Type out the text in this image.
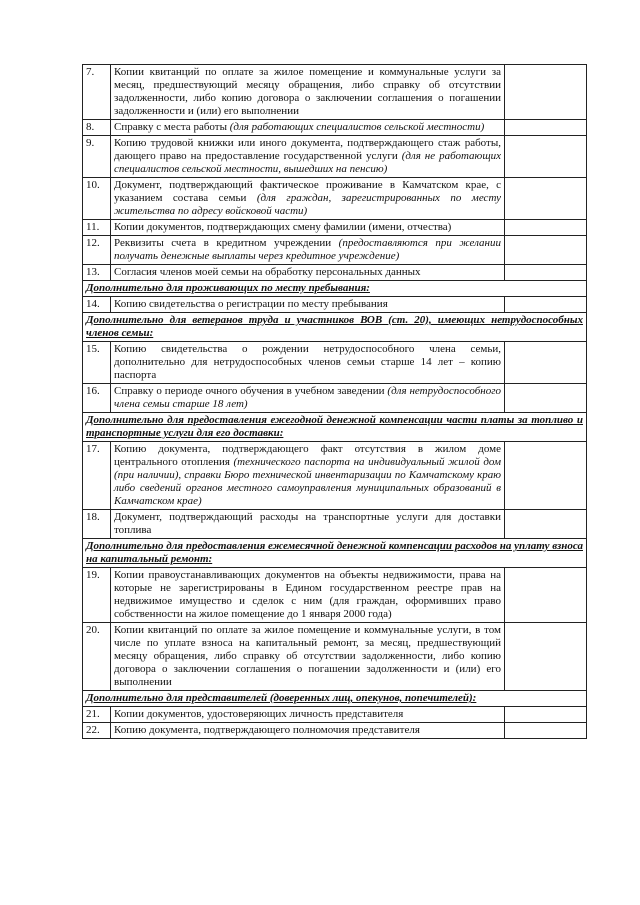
7.	Копии квитанций по оплате за жилое помещение и коммунальные услуги за месяц, предшествующий месяцу обращения, либо справку об отсутствии задолженности, либо копию договора о заключении соглашения о погашении задолженности и (или) его выполнении	
8.	Справку с места работы (для работающих специалистов сельской местности)	
9.	Копию трудовой книжки или иного документа, подтверждающего стаж работы, дающего право на предоставление государственной услуги (для не работающих специалистов сельской местности, вышедших на пенсию)	
10.	Документ, подтверждающий фактическое проживание в Камчатском крае, с указанием состава семьи (для граждан, зарегистрированных по месту жительства по адресу войсковой части)	
11.	Копии документов, подтверждающих смену фамилии (имени, отчества)	
12.	Реквизиты счета в кредитном учреждении (предоставляются при желании получать денежные выплаты через кредитное учреждение)	
13.	Согласия членов моей семьи на обработку персональных данных	
Дополнительно для проживающих по месту пребывания:		
14.	Копию свидетельства о регистрации по месту пребывания	
Дополнительно для ветеранов труда и участников ВОВ (ст. 20), имеющих нетрудоспособных членов семьи:		
15.	Копию свидетельства о рождении нетрудоспособного члена семьи, дополнительно для нетрудоспособных членов семьи старше 14 лет – копию паспорта	
16.	Справку о периоде очного обучения в учебном заведении (для нетрудоспособного члена семьи старше 18 лет)	
Дополнительно для предоставления ежегодной денежной компенсации части платы за топливо и транспортные услуги для его доставки:		
17.	Копию документа, подтверждающего факт отсутствия в жилом доме центрального отопления (технического паспорта на индивидуальный жилой дом (при наличии), справки Бюро технической инвентаризации по Камчатскому краю либо сведений органов местного самоуправления муниципальных образований в Камчатском крае)	
18.	Документ, подтверждающий расходы на транспортные услуги для доставки топлива	
Дополнительно для предоставления ежемесячной денежной компенсации расходов на уплату взноса на капитальный ремонт:		
19.	Копии правоустанавливающих документов на объекты недвижимости, права на которые не зарегистрированы в Едином государственном реестре прав на недвижимое имущество и сделок с ним (для граждан, оформивших право собственности на жилое помещение до 1 января 2000 года)	
20.	Копии квитанций по оплате за жилое помещение и коммунальные услуги, в том числе по уплате взноса на капитальный ремонт, за месяц, предшествующий месяцу обращения, либо справку об отсутствии задолженности, либо копию договора о заключении соглашения о погашении задолженности и (или) его выполнении	
Дополнительно для представителей (доверенных лиц, опекунов, попечителей):		
21.	Копии документов, удостоверяющих личность представителя	
22.	Копию документа, подтверждающего полномочия представителя	
